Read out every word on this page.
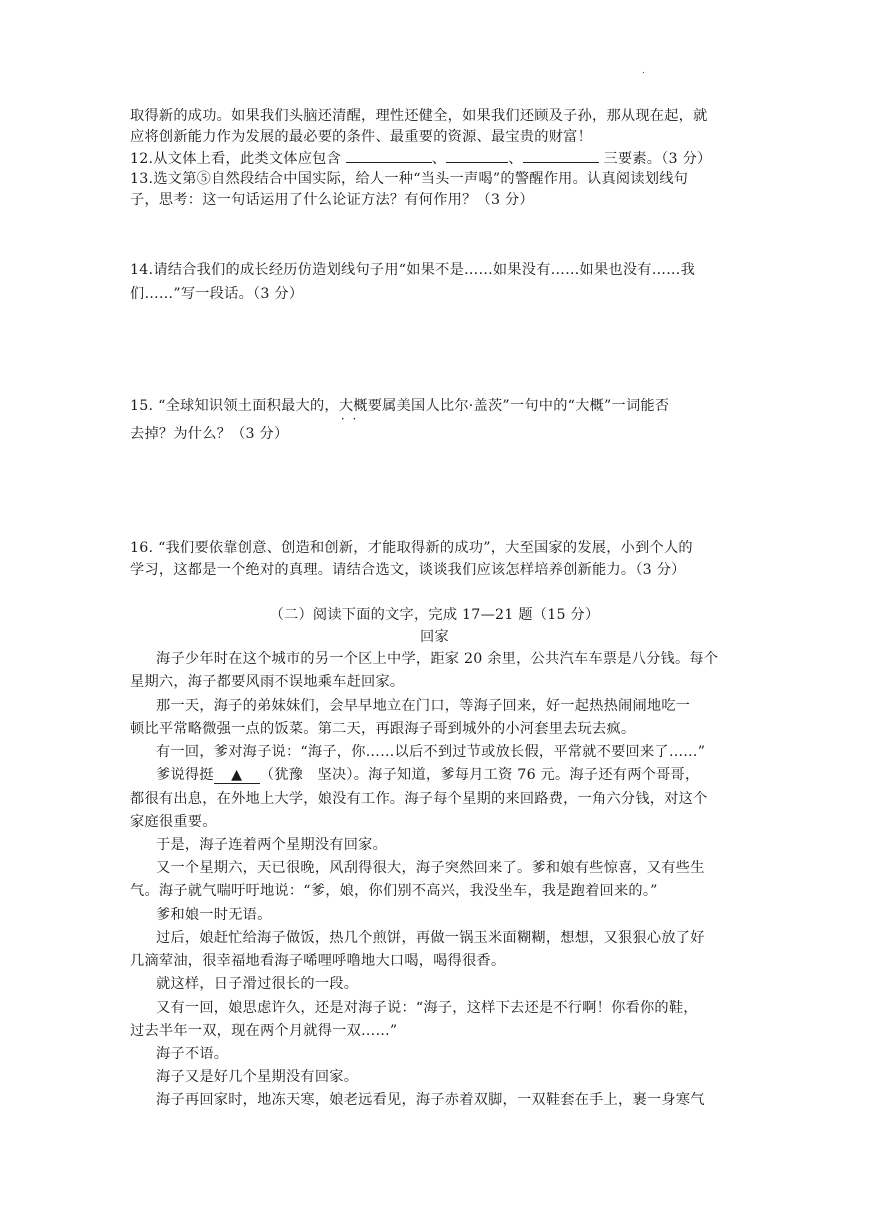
.
取得新的成功。如果我们头脑还清醒，理性还健全，如果我们还顾及子孙，那从现在起，就
应将创新能力作为发展的最必要的条件、最重要的资源、最宝贵的财富！
12.从文体上看，此类文体应包含	、	、	三要素。（3 分）
13.选文第⑤自然段结合中国实际，给人一种“当头一声喝”的警醒作用。认真阅读划线句
子，思考：这一句话运用了什么论证方法？有何作用？（3 分）
14.请结合我们的成长经历仿造划线句子用“如果不是……如果没有……如果也没有……我
们……”写一段话。（3 分）
15. “全球知识领土面积最大的，大概 · ·要属美国人比尔·盖茨”一句中的“大概”一词能否
去掉？为什么？（3 分）
16. “我们要依靠创意、创造和创新，才能取得新的成功”，大至国家的发展，小到个人的
学习，这都是一个绝对的真理。请结合选文，谈谈我们应该怎样培养创新能力。（3 分）
（二）阅读下面的文字，完成 17—21 题（15 分）
回家
海子少年时在这个城市的另一个区上中学，距家 20 余里，公共汽车车票是八分钱。每个
星期六，海子都要风雨不误地乘车赶回家。
那一天，海子的弟妹妹们，会早早地立在门口，等海子回来，好一起热热闹闹地吃一
顿比平常略微强一点的饭菜。第二天，再跟海子哥到城外的小河套里去玩去疯。
有一回，爹对海子说：“海子，你……以后不到过节或放长假，平常就不要回来了……”
爹说得挺 ▲ （犹豫　坚决）。海子知道，爹每月工资 76 元。海子还有两个哥哥，
都很有出息，在外地上大学，娘没有工作。海子每个星期的来回路费，一角六分钱，对这个
家庭很重要。
于是，海子连着两个星期没有回家。
又一个星期六，天已很晚，风刮得很大，海子突然回来了。爹和娘有些惊喜，又有些生
气。海子就气喘吁吁地说：“爹，娘，你们别不高兴，我没坐车，我是跑着回来的。”
爹和娘一时无语。
过后，娘赶忙给海子做饭，热几个煎饼，再做一锅玉米面糊糊，想想，又狠狠心放了好
几滴荤油，很幸福地看海子唏哩呼噜地大口喝，喝得很香。
就这样，日子滑过很长的一段。
又有一回，娘思虑许久，还是对海子说：“海子，这样下去还是不行啊！你看你的鞋，
过去半年一双，现在两个月就得一双……”
海子不语。
海子又是好几个星期没有回家。
海子再回家时，地冻天寒，娘老远看见，海子赤着双脚，一双鞋套在手上，裹一身寒气
